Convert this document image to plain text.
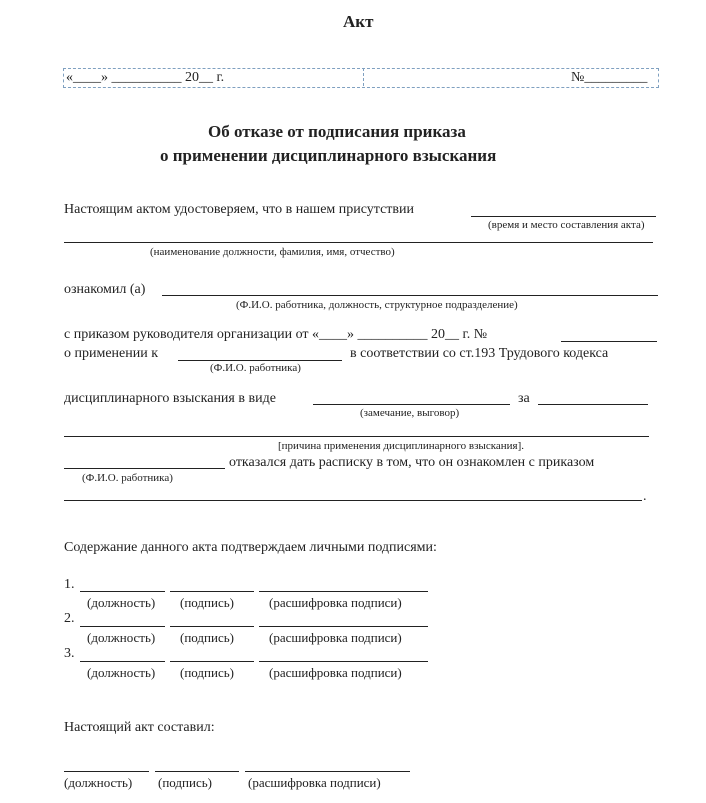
Акт
«____» __________ 20__ г.	№_________
Об отказе от подписания приказа
о применении дисциплинарного взыскания
Настоящим актом удостоверяем, что в нашем присутствии
(время и место составления акта)
(наименование должности, фамилия, имя, отчество)
ознакомил (а)
(Ф.И.О. работника, должность, структурное подразделение)
с приказом руководителя организации от «____» __________ 20__ г. №
о применении к	в соответствии со ст.193 Трудового кодекса
(Ф.И.О. работника)
дисциплинарного взыскания в виде	за
(замечание, выговор)
[причина применения дисциплинарного взыскания].
отказался дать расписку в том, что он ознакомлен с приказом
(Ф.И.О. работника)
.
Содержание данного акта подтверждаем личными подписями:
1.
(должность) (подпись)	(расшифровка подписи)
2.
(должность) (подпись)	(расшифровка подписи)
3.
(должность) (подпись)	(расшифровка подписи)
Настоящий акт составил:
(должность) (подпись)	(расшифровка подписи)
